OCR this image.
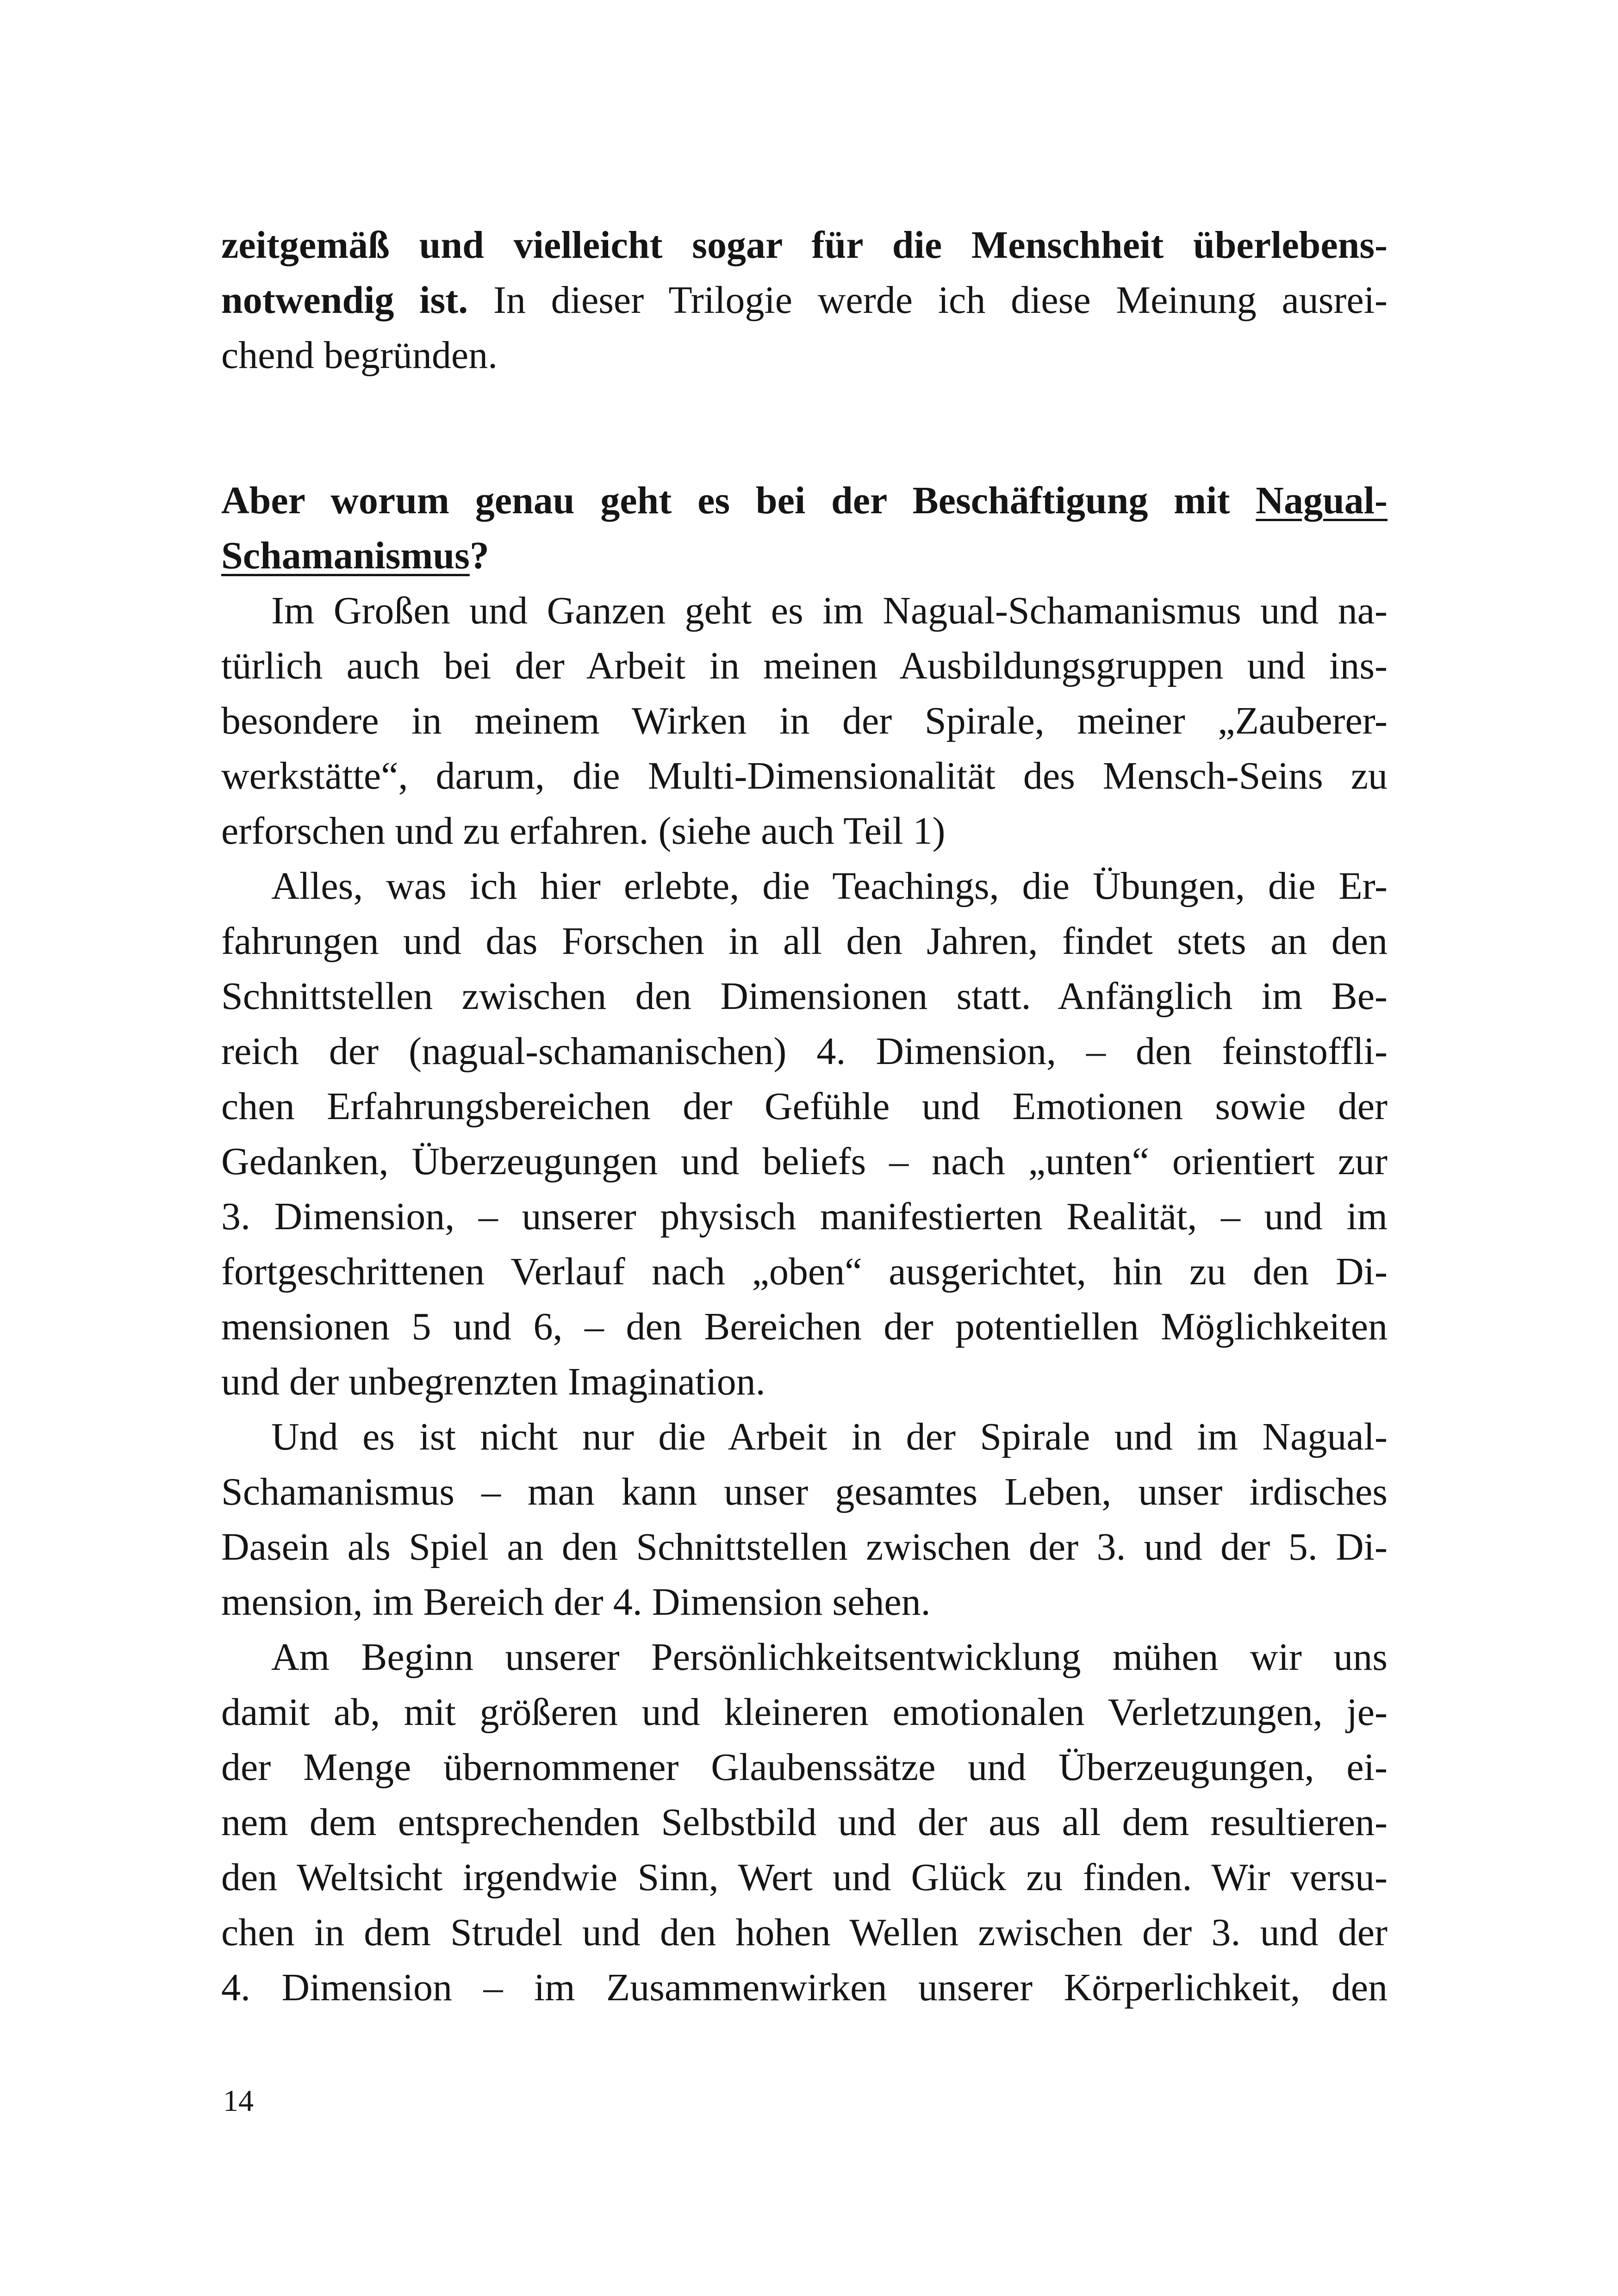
zeitgemäß und vielleicht sogar für die Menschheit überlebens-
notwendig ist. In dieser Trilogie werde ich diese Meinung ausrei-
chend begründen.
Aber worum genau geht es bei der Beschäftigung mit Nagual-
Schamanismus?
Im Großen und Ganzen geht es im Nagual-Schamanismus und na-
türlich auch bei der Arbeit in meinen Ausbildungsgruppen und ins-
besondere in meinem Wirken in der Spirale, meiner „Zauberer-
werkstätte“, darum, die Multi-Dimensionalität des Mensch-Seins zu
erforschen und zu erfahren. (siehe auch Teil 1)
Alles, was ich hier erlebte, die Teachings, die Übungen, die Er-
fahrungen und das Forschen in all den Jahren, findet stets an den
Schnittstellen zwischen den Dimensionen statt. Anfänglich im Be-
reich der (nagual-schamanischen) 4. Dimension, – den feinstoffli-
chen Erfahrungsbereichen der Gefühle und Emotionen sowie der
Gedanken, Überzeugungen und beliefs – nach „unten“ orientiert zur
3. Dimension, – unserer physisch manifestierten Realität, – und im
fortgeschrittenen Verlauf nach „oben“ ausgerichtet, hin zu den Di-
mensionen 5 und 6, – den Bereichen der potentiellen Möglichkeiten
und der unbegrenzten Imagination.
Und es ist nicht nur die Arbeit in der Spirale und im Nagual-
Schamanismus – man kann unser gesamtes Leben, unser irdisches
Dasein als Spiel an den Schnittstellen zwischen der 3. und der 5. Di-
mension, im Bereich der 4. Dimension sehen.
Am Beginn unserer Persönlichkeitsentwicklung mühen wir uns
damit ab, mit größeren und kleineren emotionalen Verletzungen, je-
der Menge übernommener Glaubenssätze und Überzeugungen, ei-
nem dem entsprechenden Selbstbild und der aus all dem resultieren-
den Weltsicht irgendwie Sinn, Wert und Glück zu finden. Wir versu-
chen in dem Strudel und den hohen Wellen zwischen der 3. und der
4. Dimension – im Zusammenwirken unserer Körperlichkeit, den
14
